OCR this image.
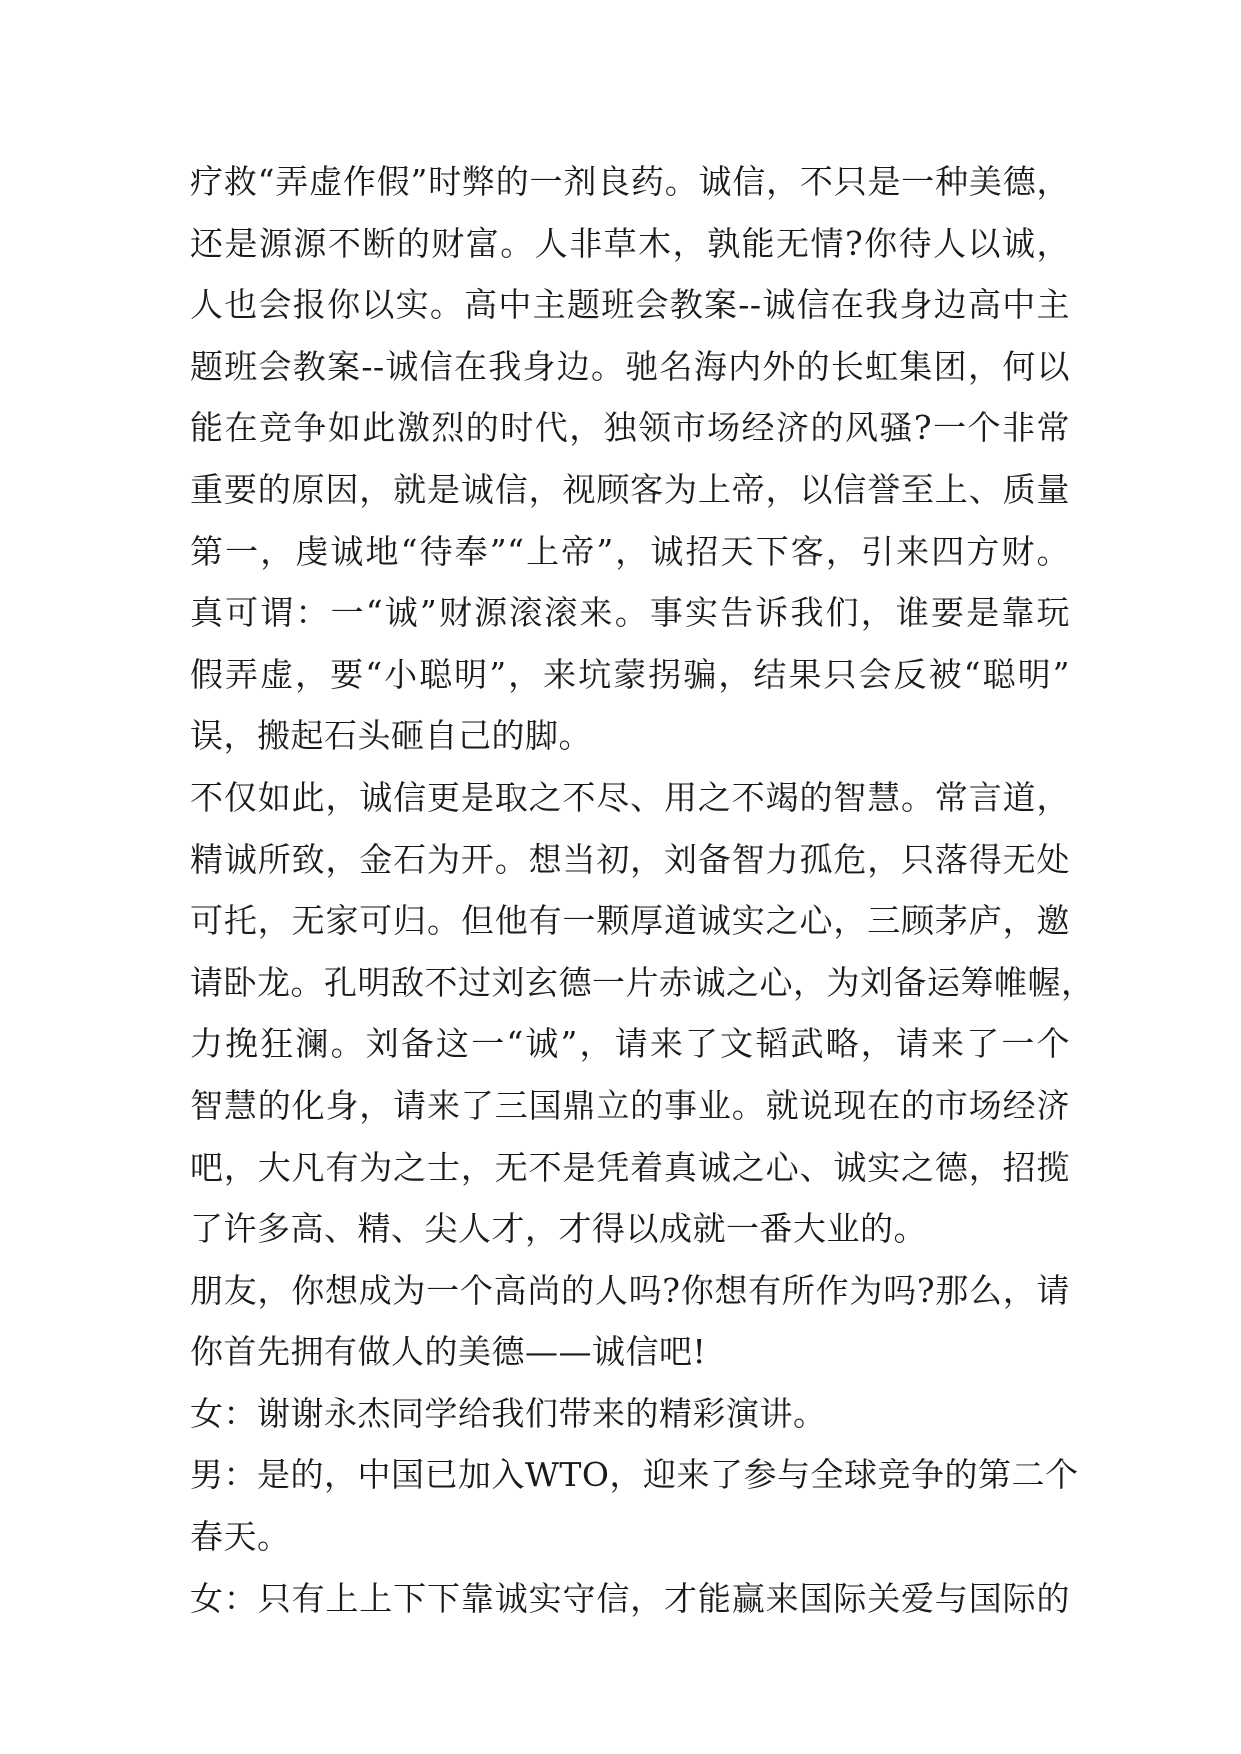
疗救“弄虚作假”时弊的一剂良药。诚信，不只是一种美德，
还是源源不断的财富。人非草木，孰能无情?你待人以诚，
人也会报你以实。高中主题班会教案--诚信在我身边高中主
题班会教案--诚信在我身边。驰名海内外的长虹集团，何以
能在竞争如此激烈的时代，独领市场经济的风骚?一个非常
重要的原因，就是诚信，视顾客为上帝，以信誉至上、质量
第一，虔诚地“待奉”“上帝”，诚招天下客，引来四方财。
真可谓：一“诚”财源滚滚来。事实告诉我们，谁要是靠玩
假弄虚，要“小聪明”，来坑蒙拐骗，结果只会反被“聪明”
误，搬起石头砸自己的脚。
不仅如此，诚信更是取之不尽、用之不竭的智慧。常言道，
精诚所致，金石为开。想当初，刘备智力孤危，只落得无处
可托，无家可归。但他有一颗厚道诚实之心，三顾茅庐，邀
请卧龙。孔明敌不过刘玄德一片赤诚之心，为刘备运筹帷幄，
力挽狂澜。刘备这一“诚”，请来了文韬武略，请来了一个
智慧的化身，请来了三国鼎立的事业。就说现在的市场经济
吧，大凡有为之士，无不是凭着真诚之心、诚实之德，招揽
了许多高、精、尖人才，才得以成就一番大业的。
朋友，你想成为一个高尚的人吗?你想有所作为吗?那么，请
你首先拥有做人的美德——诚信吧!
女：谢谢永杰同学给我们带来的精彩演讲。
男：是的，中国已加入WTO，迎来了参与全球竞争的第二个
春天。
女：只有上上下下靠诚实守信，才能赢来国际关爱与国际的
